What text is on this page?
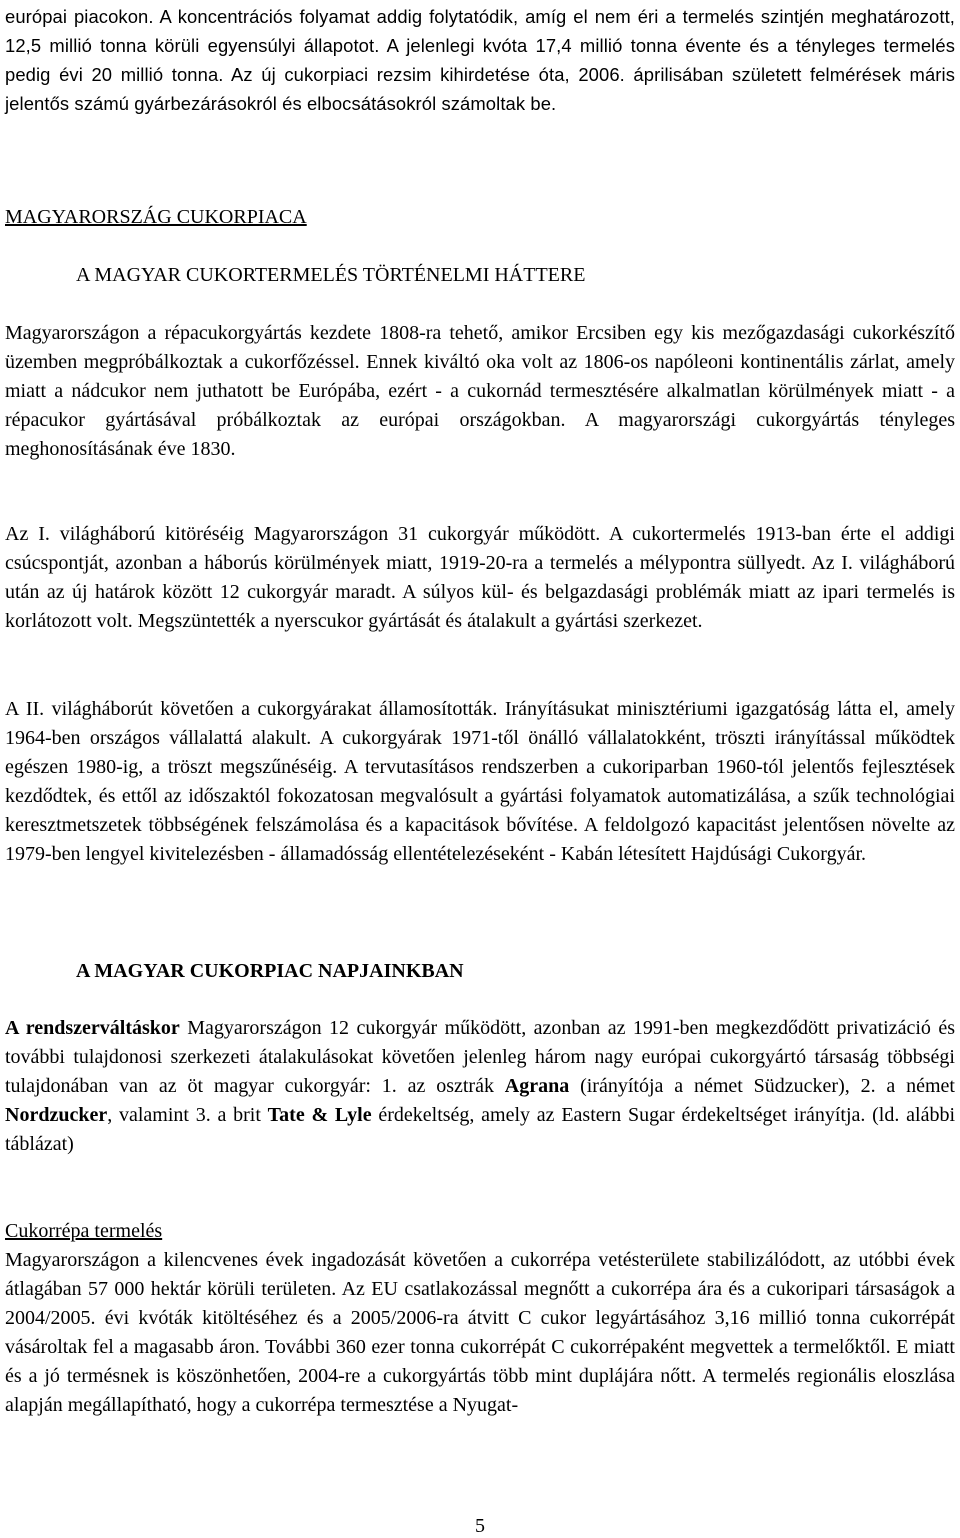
európai piacokon. A koncentrációs folyamat addig folytatódik, amíg el nem éri a termelés szintjén meghatározott, 12,5 millió tonna körüli egyensúlyi állapotot. A jelenlegi kvóta 17,4 millió tonna évente és a tényleges termelés pedig évi 20 millió tonna. Az új cukorpiaci rezsim kihirdetése óta, 2006. áprilisában született felmérések máris jelentős számú gyárbezárásokról és elbocsátásokról számoltak be.

MAGYARORSZÁG CUKORPIACA

A MAGYAR CUKORTERMELÉS TÖRTÉNELMI HÁTTERE

Magyarországon a répacukorgyártás kezdete 1808-ra tehető, amikor Ercsiben egy kis mezőgazdasági cukorkészítő üzemben megpróbálkoztak a cukorfőzéssel. Ennek kiváltó oka volt az 1806-os napóleoni kontinentális zárlat, amely miatt a nádcukor nem juthatott be Európába, ezért - a cukornád termesztésére alkalmatlan körülmények miatt - a répacukor gyártásával próbálkoztak az európai országokban. A magyarországi cukorgyártás tényleges meghonosításának éve 1830.

Az I. világháború kitöréséig Magyarországon 31 cukorgyár működött. A cukortermelés 1913-ban érte el addigi csúcspontját, azonban a háborús körülmények miatt, 1919-20-ra a termelés a mélypontra süllyedt. Az I. világháború után az új határok között 12 cukorgyár maradt. A súlyos kül- és belgazdasági problémák miatt az ipari termelés is korlátozott volt. Megszüntették a nyerscukor gyártását és átalakult a gyártási szerkezet.

A II. világháborút követően a cukorgyárakat államosították. Irányításukat minisztériumi igazgatóság látta el, amely 1964-ben országos vállalattá alakult. A cukorgyárak 1971-től önálló vállalatokként, tröszti irányítással működtek egészen 1980-ig, a tröszt megszűnéséig. A tervutasításos rendszerben a cukoriparban 1960-tól jelentős fejlesztések kezdődtek, és ettől az időszaktól fokozatosan megvalósult a gyártási folyamatok automatizálása, a szűk technológiai keresztmetszetek többségének felszámolása és a kapacitások bővítése. A feldolgozó kapacitást jelentősen növelte az 1979-ben lengyel kivitelezésben - államadósság ellentételezéseként - Kabán létesített Hajdúsági Cukorgyár.

A MAGYAR CUKORPIAC NAPJAINKBAN

A rendszerváltáskor Magyarországon 12 cukorgyár működött, azonban az 1991-ben megkezdődött privatizáció és további tulajdonosi szerkezeti átalakulásokat követően jelenleg három nagy európai cukorgyártó társaság többségi tulajdonában van az öt magyar cukorgyár: 1. az osztrák Agrana (irányítója a német Südzucker), 2. a német Nordzucker, valamint 3. a brit Tate & Lyle érdekeltség, amely az Eastern Sugar érdekeltséget irányítja. (ld. alábbi táblázat)

Cukorrépa termelés

Magyarországon a kilencvenes évek ingadozását követően a cukorrépa vetésterülete stabilizálódott, az utóbbi évek átlagában 57 000 hektár körüli területen. Az EU csatlakozással megnőtt a cukorrépa ára és a cukoripari társaságok a 2004/2005. évi kvóták kitöltéséhez és a 2005/2006-ra átvitt C cukor legyártásához 3,16 millió tonna cukorrépát vásároltak fel a magasabb áron. További 360 ezer tonna cukorrépát C cukorrépaként megvettek a termelőktől. E miatt és a jó termésnek is köszönhetően, 2004-re a cukorgyártás több mint duplájára nőtt. A termelés regionális eloszlása alapján megállapítható, hogy a cukorrépa termesztése a Nyugat-

5
